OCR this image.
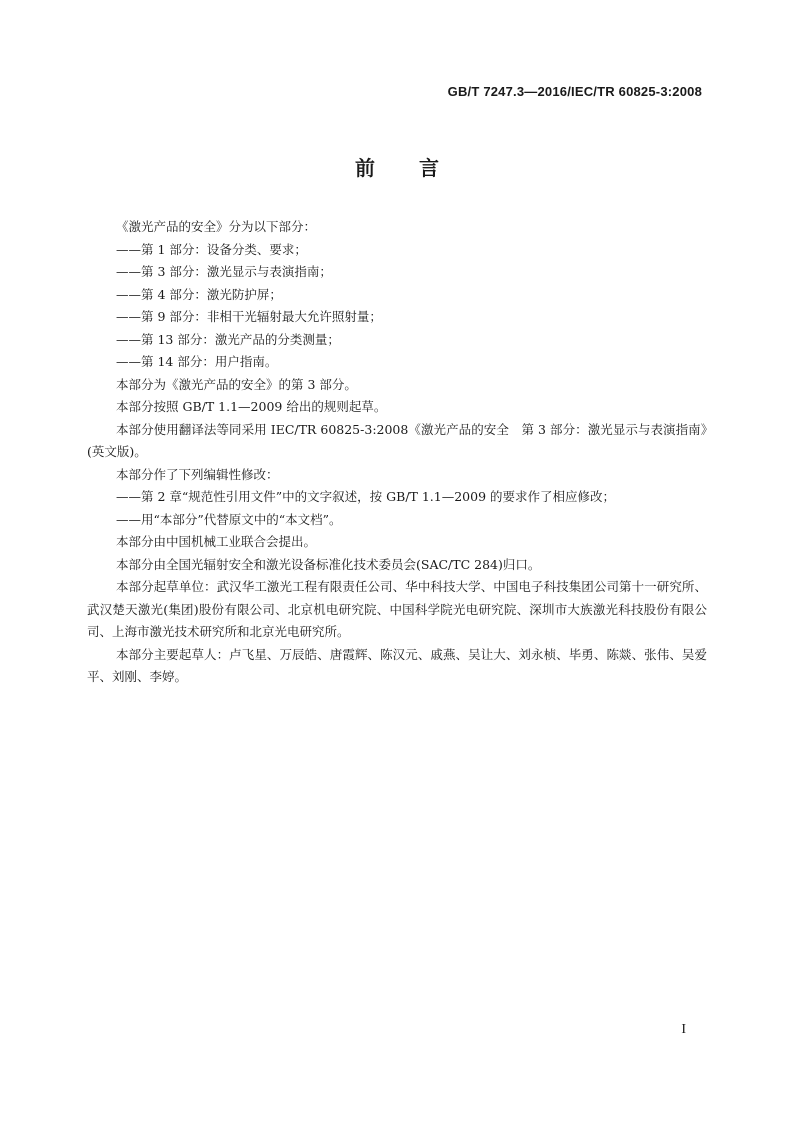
GB/T 7247.3—2016/IEC/TR 60825-3:2008
前言

《激光产品的安全》分为以下部分：

——第 1 部分：设备分类、要求；

——第 3 部分：激光显示与表演指南；

——第 4 部分：激光防护屏；

——第 9 部分：非相干光辐射最大允许照射量；

——第 13 部分：激光产品的分类测量；

——第 14 部分：用户指南。

本部分为《激光产品的安全》的第 3 部分。

本部分按照 GB/T 1.1—2009 给出的规则起草。

本部分使用翻译法等同采用 IEC/TR 60825-3:2008《激光产品的安全　第 3 部分：激光显示与表演指南》(英文版)。

本部分作了下列编辑性修改：

——第 2 章“规范性引用文件”中的文字叙述，按 GB/T 1.1—2009 的要求作了相应修改；

——用“本部分”代替原文中的“本文档”。

本部分由中国机械工业联合会提出。

本部分由全国光辐射安全和激光设备标准化技术委员会(SAC/TC 284)归口。

本部分起草单位：武汉华工激光工程有限责任公司、华中科技大学、中国电子科技集团公司第十一研究所、武汉楚天激光(集团)股份有限公司、北京机电研究院、中国科学院光电研究院、深圳市大族激光科技股份有限公司、上海市激光技术研究所和北京光电研究所。

本部分主要起草人：卢飞星、万辰皓、唐霞辉、陈汉元、戚燕、吴让大、刘永桢、毕勇、陈燚、张伟、吴爱平、刘刚、李婷。

I
